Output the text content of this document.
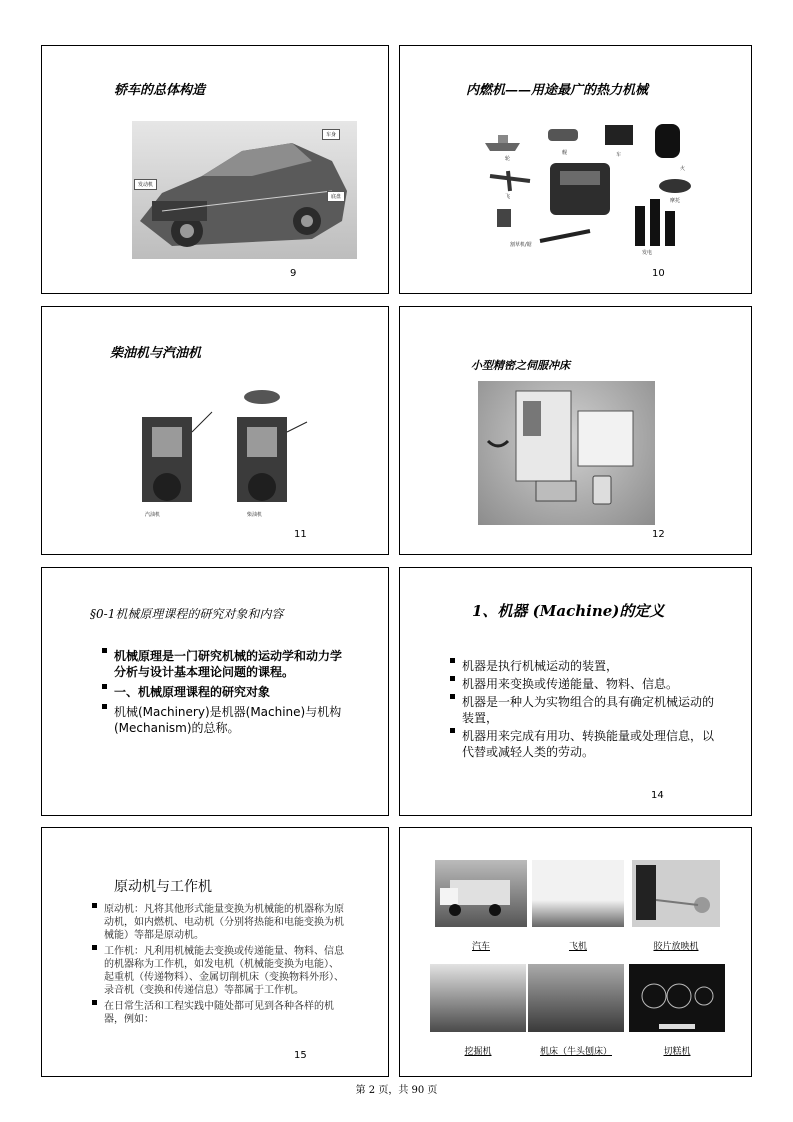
轿车的总体构造
车身
发动机
底盘
9
内燃机——用途最广的热力机械
轮
舰	车
火
摩托
飞
割草机/锯
发电
10
柴油机与汽油机
汽油机	柴油机
11
小型精密之伺服冲床
12
§0-1机械原理课程的研究对象和内容
机械原理是一门研究机械的运动学和动力学分析与设计基本理论问题的课程。
一、机械原理课程的研究对象
机械(Machinery)是机器(Machine)与机构(Mechanism)的总称。
1、机器 (Machine)的定义
机器是执行机械运动的装置，
机器用来变换或传递能量、物料、信息。
机器是一种人为实物组合的具有确定机械运动的装置，
机器用来完成有用功、转换能量或处理信息，以代替或减轻人类的劳动。
14
原动机与工作机
原动机：凡将其他形式能量变换为机械能的机器称为原动机，如内燃机、电动机（分别将热能和电能变换为机械能）等都是原动机。
工作机：凡利用机械能去变换或传递能量、物料、信息的机器称为工作机，如发电机（机械能变换为电能）、起重机（传递物料）、金属切削机床（变换物料外形）、录音机（变换和传递信息）等都属于工作机。
在日常生活和工程实践中随处都可见到各种各样的机器，例如：
15
汽车	飞机	胶片放映机
挖掘机	机床（牛头刨床）	切糕机
第 2 页，共 90 页
